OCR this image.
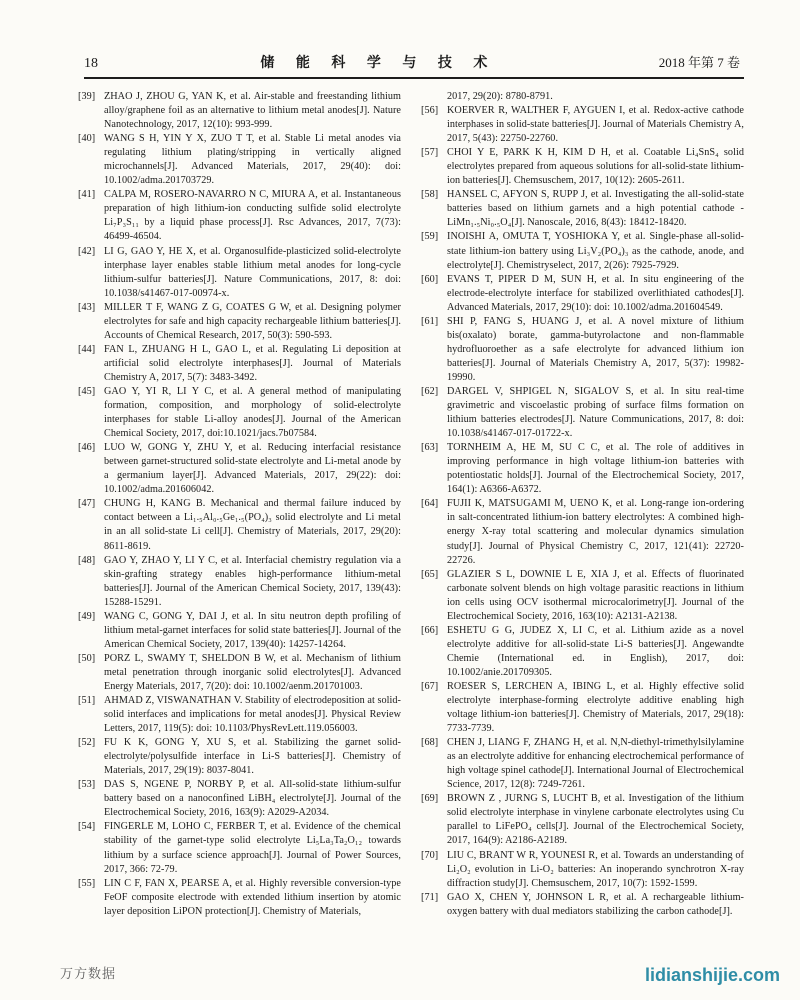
18	储 能 科 学 与 技 术	2018 年第 7 卷
[39] ZHAO J, ZHOU G, YAN K, et al. Air-stable and freestanding lithium alloy/graphene foil as an alternative to lithium metal anodes[J]. Nature Nanotechnology, 2017, 12(10): 993-999.
[40] WANG S H, YIN Y X, ZUO T T, et al. Stable Li metal anodes via regulating lithium plating/stripping in vertically aligned microchannels[J]. Advanced Materials, 2017, 29(40): doi: 10.1002/adma.201703729.
[41] CALPA M, ROSERO-NAVARRO N C, MIURA A, et al. Instantaneous preparation of high lithium-ion conducting sulfide solid electrolyte Li₇P₃S₁₁ by a liquid phase process[J]. Rsc Advances, 2017, 7(73): 46499-46504.
[42] LI G, GAO Y, HE X, et al. Organosulfide-plasticized solid-electrolyte interphase layer enables stable lithium metal anodes for long-cycle lithium-sulfur batteries[J]. Nature Communications, 2017, 8: doi: 10.1038/s41467-017-00974-x.
[43] MILLER T F, WANG Z G, COATES G W, et al. Designing polymer electrolytes for safe and high capacity rechargeable lithium batteries[J]. Accounts of Chemical Research, 2017, 50(3): 590-593.
[44] FAN L, ZHUANG H L, GAO L, et al. Regulating Li deposition at artificial solid electrolyte interphases[J]. Journal of Materials Chemistry A, 2017, 5(7): 3483-3492.
[45] GAO Y, YI R, LI Y C, et al. A general method of manipulating formation, composition, and morphology of solid-electrolyte interphases for stable Li-alloy anodes[J]. Journal of the American Chemical Society, 2017, doi:10.1021/jacs.7b07584.
[46] LUO W, GONG Y, ZHU Y, et al. Reducing interfacial resistance between garnet-structured solid-state electrolyte and Li-metal anode by a germanium layer[J]. Advanced Materials, 2017, 29(22): doi: 10.1002/adma.201606042.
[47] CHUNG H, KANG B. Mechanical and thermal failure induced by contact between a Li₁.₅Al₀.₅Ge₁.₅(PO₄)₃ solid electrolyte and Li metal in an all solid-state Li cell[J]. Chemistry of Materials, 2017, 29(20): 8611-8619.
[48] GAO Y, ZHAO Y, LI Y C, et al. Interfacial chemistry regulation via a skin-grafting strategy enables high-performance lithium-metal batteries[J]. Journal of the American Chemical Society, 2017, 139(43): 15288-15291.
[49] WANG C, GONG Y, DAI J, et al. In situ neutron depth profiling of lithium metal-garnet interfaces for solid state batteries[J]. Journal of the American Chemical Society, 2017, 139(40): 14257-14264.
[50] PORZ L, SWAMY T, SHELDON B W, et al. Mechanism of lithium metal penetration through inorganic solid electrolytes[J]. Advanced Energy Materials, 2017, 7(20): doi: 10.1002/aenm.201701003.
[51] AHMAD Z, VISWANATHAN V. Stability of electrodeposition at solid-solid interfaces and implications for metal anodes[J]. Physical Review Letters, 2017, 119(5): doi: 10.1103/PhysRevLett.119.056003.
[52] FU K K, GONG Y, XU S, et al. Stabilizing the garnet solid-electrolyte/polysulfide interface in Li-S batteries[J]. Chemistry of Materials, 2017, 29(19): 8037-8041.
[53] DAS S, NGENE P, NORBY P, et al. All-solid-state lithium-sulfur battery based on a nanoconfined LiBH₄ electrolyte[J]. Journal of the Electrochemical Society, 2016, 163(9): A2029-A2034.
[54] FINGERLE M, LOHO C, FERBER T, et al. Evidence of the chemical stability of the garnet-type solid electrolyte Li₅La₃Ta₂O₁₂ towards lithium by a surface science approach[J]. Journal of Power Sources, 2017, 366: 72-79.
[55] LIN C F, FAN X, PEARSE A, et al. Highly reversible conversion-type FeOF composite electrode with extended lithium insertion by atomic layer deposition LiPON protection[J]. Chemistry of Materials,
2017, 29(20): 8780-8791.
[56] KOERVER R, WALTHER F, AYGUEN I, et al. Redox-active cathode interphases in solid-state batteries[J]. Journal of Materials Chemistry A, 2017, 5(43): 22750-22760.
[57] CHOI Y E, PARK K H, KIM D H, et al. Coatable Li₄SnS₄ solid electrolytes prepared from aqueous solutions for all-solid-state lithium-ion batteries[J]. Chemsuschem, 2017, 10(12): 2605-2611.
[58] HANSEL C, AFYON S, RUPP J, et al. Investigating the all-solid-state batteries based on lithium garnets and a high potential cathode - LiMn₁.₅Ni₀.₅O₄[J]. Nanoscale, 2016, 8(43): 18412-18420.
[59] INOISHI A, OMUTA T, YOSHIOKA Y, et al. Single-phase all-solid-state lithium-ion battery using Li₃V₂(PO₄)₃ as the cathode, anode, and electrolyte[J]. Chemistryselect, 2017, 2(26): 7925-7929.
[60] EVANS T, PIPER D M, SUN H, et al. In situ engineering of the electrode-electrolyte interface for stabilized overlithiated cathodes[J]. Advanced Materials, 2017, 29(10): doi: 10.1002/adma.201604549.
[61] SHI P, FANG S, HUANG J, et al. A novel mixture of lithium bis(oxalato) borate, gamma-butyrolactone and non-flammable hydrofluoroether as a safe electrolyte for advanced lithium ion batteries[J]. Journal of Materials Chemistry A, 2017, 5(37): 19982-19990.
[62] DARGEL V, SHPIGEL N, SIGALOV S, et al. In situ real-time gravimetric and viscoelastic probing of surface films formation on lithium batteries electrodes[J]. Nature Communications, 2017, 8: doi: 10.1038/s41467-017-01722-x.
[63] TORNHEIM A, HE M, SU C C, et al. The role of additives in improving performance in high voltage lithium-ion batteries with potentiostatic holds[J]. Journal of the Electrochemical Society, 2017, 164(1): A6366-A6372.
[64] FUJII K, MATSUGAMI M, UENO K, et al. Long-range ion-ordering in salt-concentrated lithium-ion battery electrolytes: A combined high-energy X-ray total scattering and molecular dynamics simulation study[J]. Journal of Physical Chemistry C, 2017, 121(41): 22720-22726.
[65] GLAZIER S L, DOWNIE L E, XIA J, et al. Effects of fluorinated carbonate solvent blends on high voltage parasitic reactions in lithium ion cells using OCV isothermal microcalorimetry[J]. Journal of the Electrochemical Society, 2016, 163(10): A2131-A2138.
[66] ESHETU G G, JUDEZ X, LI C, et al. Lithium azide as a novel electrolyte additive for all-solid-state Li-S batteries[J]. Angewandte Chemie (International ed. in English), 2017, doi: 10.1002/anie.201709305.
[67] ROESER S, LERCHEN A, IBING L, et al. Highly effective solid electrolyte interphase-forming electrolyte additive enabling high voltage lithium-ion batteries[J]. Chemistry of Materials, 2017, 29(18): 7733-7739.
[68] CHEN J, LIANG F, ZHANG H, et al. N,N-diethyl-trimethylsilylamine as an electrolyte additive for enhancing electrochemical performance of high voltage spinel cathode[J]. International Journal of Electrochemical Science, 2017, 12(8): 7249-7261.
[69] BROWN Z , JURNG S, LUCHT B, et al. Investigation of the lithium solid electrolyte interphase in vinylene carbonate electrolytes using Cu parallel to LiFePO₄ cells[J]. Journal of the Electrochemical Society, 2017, 164(9): A2186-A2189.
[70] LIU C, BRANT W R, YOUNESI R, et al. Towards an understanding of Li₂O₂ evolution in Li-O₂ batteries: An inoperando synchrotron X-ray diffraction study[J]. Chemsuschem, 2017, 10(7): 1592-1599.
[71] GAO X, CHEN Y, JOHNSON L R, et al. A rechargeable lithium-oxygen battery with dual mediators stabilizing the carbon cathode[J].
万方数据	lidianshijie.com
